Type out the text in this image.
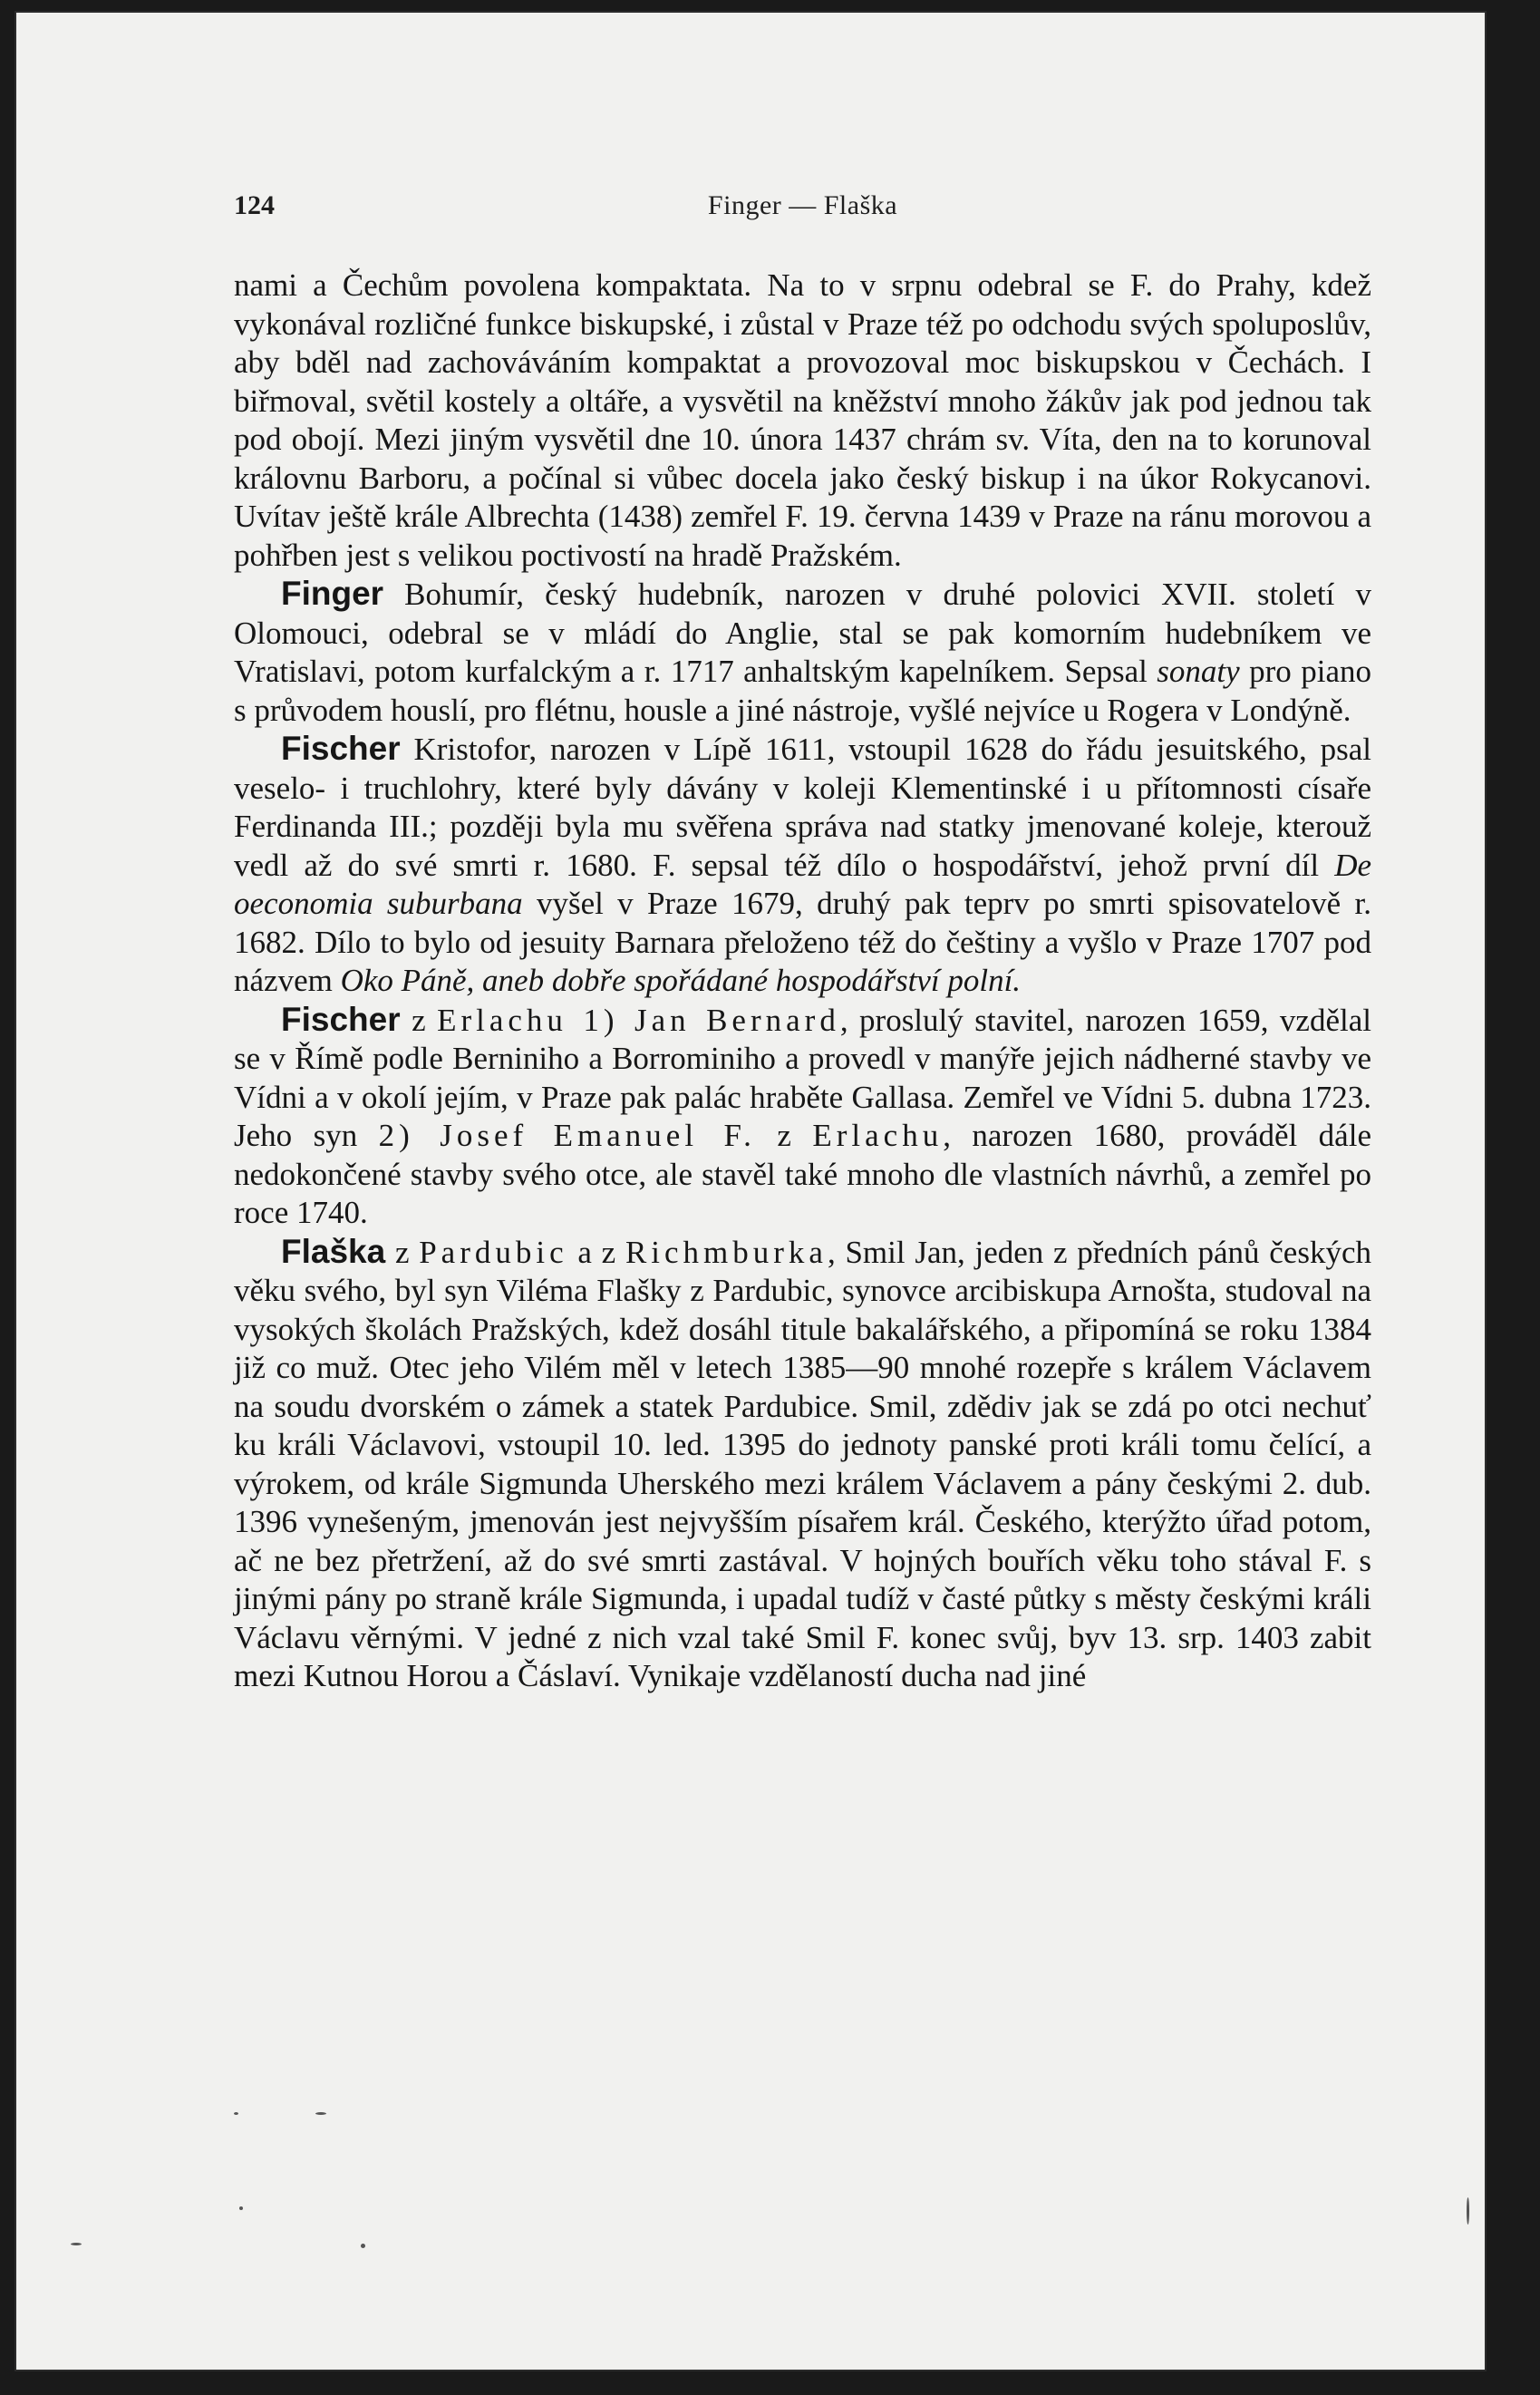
124	Finger — Flaška

nami a Čechům povolena kompaktata. Na to v srpnu odebral se F. do Prahy, kdež vykonával rozličné funkce biskupské, i zůstal v Praze též po odchodu svých spoluposlův, aby bděl nad zachováváním kompaktat a provozoval moc biskupskou v Čechách. I biřmoval, světil kostely a oltáře, a vysvětil na kněžství mnoho žákův jak pod jednou tak pod obojí. Mezi jiným vysvětil dne 10. února 1437 chrám sv. Víta, den na to korunoval královnu Barboru, a počínal si vůbec docela jako český biskup i na úkor Rokycanovi. Uvítav ještě krále Albrechta (1438) zemřel F. 19. června 1439 v Praze na ránu morovou a pohřben jest s velikou poctivostí na hradě Pražském.

Finger Bohumír, český hudebník, narozen v druhé polovici XVII. století v Olomouci, odebral se v mládí do Anglie, stal se pak komorním hudebníkem ve Vratislavi, potom kurfalckým a r. 1717 anhaltským kapelníkem. Sepsal sonaty pro piano s průvodem houslí, pro flétnu, housle a jiné nástroje, vyšlé nejvíce u Rogera v Londýně.

Fischer Kristofor, narozen v Lípě 1611, vstoupil 1628 do řádu jesuitského, psal veselo- i truchlohry, které byly dávány v koleji Klementinské i u přítomnosti císaře Ferdinanda III.; později byla mu svěřena správa nad statky jmenované koleje, kterouž vedl až do své smrti r. 1680. F. sepsal též dílo o hospodářství, jehož první díl De oeconomia suburbana vyšel v Praze 1679, druhý pak teprv po smrti spisovatelově r. 1682. Dílo to bylo od jesuity Barnara přeloženo též do češtiny a vyšlo v Praze 1707 pod názvem Oko Páně, aneb dobře spořádané hospodářství polní.

Fischer z Erlachu 1) Jan Bernard, proslulý stavitel, narozen 1659, vzdělal se v Římě podle Berniniho a Borrominiho a provedl v manýře jejich nádherné stavby ve Vídni a v okolí jejím, v Praze pak palác hraběte Gallasa. Zemřel ve Vídni 5. dubna 1723. Jeho syn 2) Josef Emanuel F. z Erlachu, narozen 1680, prováděl dále nedokončené stavby svého otce, ale stavěl také mnoho dle vlastních návrhů, a zemřel po roce 1740.

Flaška z Pardubic a z Richmburka, Smil Jan, jeden z předních pánů českých věku svého, byl syn Viléma Flašky z Pardubic, synovce arcibiskupa Arnošta, studoval na vysokých školách Pražských, kdež dosáhl titule bakalářského, a připomíná se roku 1384 již co muž. Otec jeho Vilém měl v letech 1385—90 mnohé rozepře s králem Václavem na soudu dvorském o zámek a statek Pardubice. Smil, zdědiv jak se zdá po otci nechuť ku králi Václavovi, vstoupil 10. led. 1395 do jednoty panské proti králi tomu čelící, a výrokem, od krále Sigmunda Uherského mezi králem Václavem a pány českými 2. dub. 1396 vynešeným, jmenován jest nejvyšším písařem král. Českého, kterýžto úřad potom, ač ne bez přetržení, až do své smrti zastával. V hojných bouřích věku toho stával F. s jinými pány po straně krále Sigmunda, i upadal tudíž v časté půtky s městy českými králi Václavu věrnými. V jedné z nich vzal také Smil F. konec svůj, byv 13. srp. 1403 zabit mezi Kutnou Horou a Čáslaví. Vynikaje vzdělaností ducha nad jiné
